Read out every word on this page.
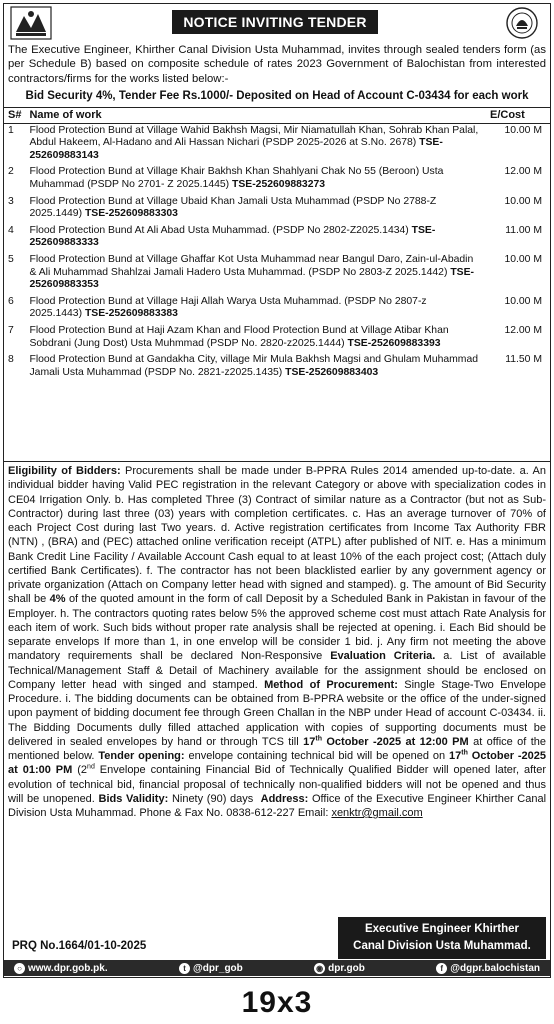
NOTICE INVITING TENDER
The Executive Engineer, Khirther Canal Division Usta Muhammad, invites through sealed tenders form (as per Schedule B) based on composite schedule of rates 2023 Government of Balochistan from interested contractors/firms for the works listed below:-
Bid Security 4%, Tender Fee Rs.1000/- Deposited on Head of Account C-03434 for each work
S#	Name of work	E/Cost
1	Flood Protection Bund at Village Wahid Bakhsh Magsi, Mir Niamatullah Khan, Sohrab Khan Palal, Abdul Hakeem, Al-Hadano and Ali Hassan Nichari (PSDP 2025-2026 at S.No. 2678) TSE-252609883143	10.00 M
2	Flood Protection Bund at Village Khair Bakhsh Khan Shahlyani Chak No 55 (Beroon) Usta Muhammad (PSDP No 2701- Z 2025.1445) TSE-252609883273	12.00 M
3	Flood Protection Bund at Village Ubaid Khan Jamali Usta Muhammad (PSDP No 2788-Z 2025.1449) TSE-252609883303	10.00 M
4	Flood Protection Bund At Ali Abad Usta Muhammad. (PSDP No 2802-Z2025.1434) TSE-252609883333	11.00 M
5	Flood Protection Bund at Village Ghaffar Kot Usta Muhammad near Bangul Daro, Zain-ul-Abadin & Ali Muhammad Shahlzai Jamali Hadero Usta Muhammad. (PSDP No 2803-Z 2025.1442) TSE-252609883353	10.00 M
6	Flood Protection Bund at Village Haji Allah Warya Usta Muhammad. (PSDP No 2807-z 2025.1443) TSE-252609883383	10.00 M
7	Flood Protection Bund at Haji Azam Khan and Flood Protection Bund at Village Atibar Khan Sobdrani (Jung Dost) Usta Muhmmad (PSDP No. 2820-z2025.1444) TSE-252609883393	12.00 M
8	Flood Protection Bund at Gandakha City, village Mir Mula Bakhsh Magsi and Ghulam Muhammad Jamali Usta Muhammad (PSDP No. 2821-z2025.1435) TSE-252609883403	11.50 M
Eligibility of Bidders: Procurements shall be made under B-PPRA Rules 2014 amended up-to-date. a. An individual bidder having Valid PEC registration in the relevant Category or above with specialization codes in CE04 Irrigation Only. b. Has completed Three (3) Contract of similar nature as a Contractor (but not as Sub- Contractor) during last three (03) years with completion certificates. c. Has an average turnover of 70% of each Project Cost during last Two years. d. Active registration certificates from Income Tax Authority FBR (NTN) , (BRA) and (PEC) attached online verification receipt (ATPL) after published of NIT. e. Has a minimum Bank Credit Line Facility / Available Account Cash equal to at least 10% of the each project cost; (Attach duly certified Bank Certificates). f. The contractor has not been blacklisted earlier by any government agency or private organization (Attach on Company letter head with signed and stamped). g. The amount of Bid Security shall be 4% of the quoted amount in the form of call Deposit by a Scheduled Bank in Pakistan in favour of the Employer. h. The contractors quoting rates below 5% the approved scheme cost must attach Rate Analysis for each item of work. Such bids without proper rate analysis shall be rejected at opening. i. Each Bid should be separate envelops If more than 1, in one envelop will be consider 1 bid. j. Any firm not meeting the above mandatory requirements shall be declared Non-Responsive Evaluation Criteria. a. List of available Technical/Management Staff & Detail of Machinery available for the assignment should be enclosed on Company letter head with singed and stamped. Method of Procurement: Single Stage-Two Envelope Procedure. i. The bidding documents can be obtained from B-PPRA website or the office of the under-signed upon payment of bidding document fee through Green Challan in the NBP under Head of account C-03434. ii. The Bidding Documents dully filled attached application with copies of supporting documents must be delivered in sealed envelopes by hand or through TCS till 17th October -2025 at 12:00 PM at office of the mentioned below. Tender opening: envelope containing technical bid will be opened on 17th October -2025 at 01:00 PM (2nd Envelope containing Financial Bid of Technically Qualified Bidder will opened later, after evolution of technical bid, financial proposal of technically non-qualified bidders will not be opened and thus will be unopened. Bids Validity: Ninety (90) days Address: Office of the Executive Engineer Khirther Canal Division Usta Muhammad. Phone & Fax No. 0838-612-227 Email: xenktr@gmail.com
PRQ No.1664/01-10-2025
Executive Engineer Khirther
Canal Division Usta Muhammad.
○ www.dpr.gob.pk.	t @dpr_gob	◉ dpr.gob	f @dgpr.balochistan
19x3
